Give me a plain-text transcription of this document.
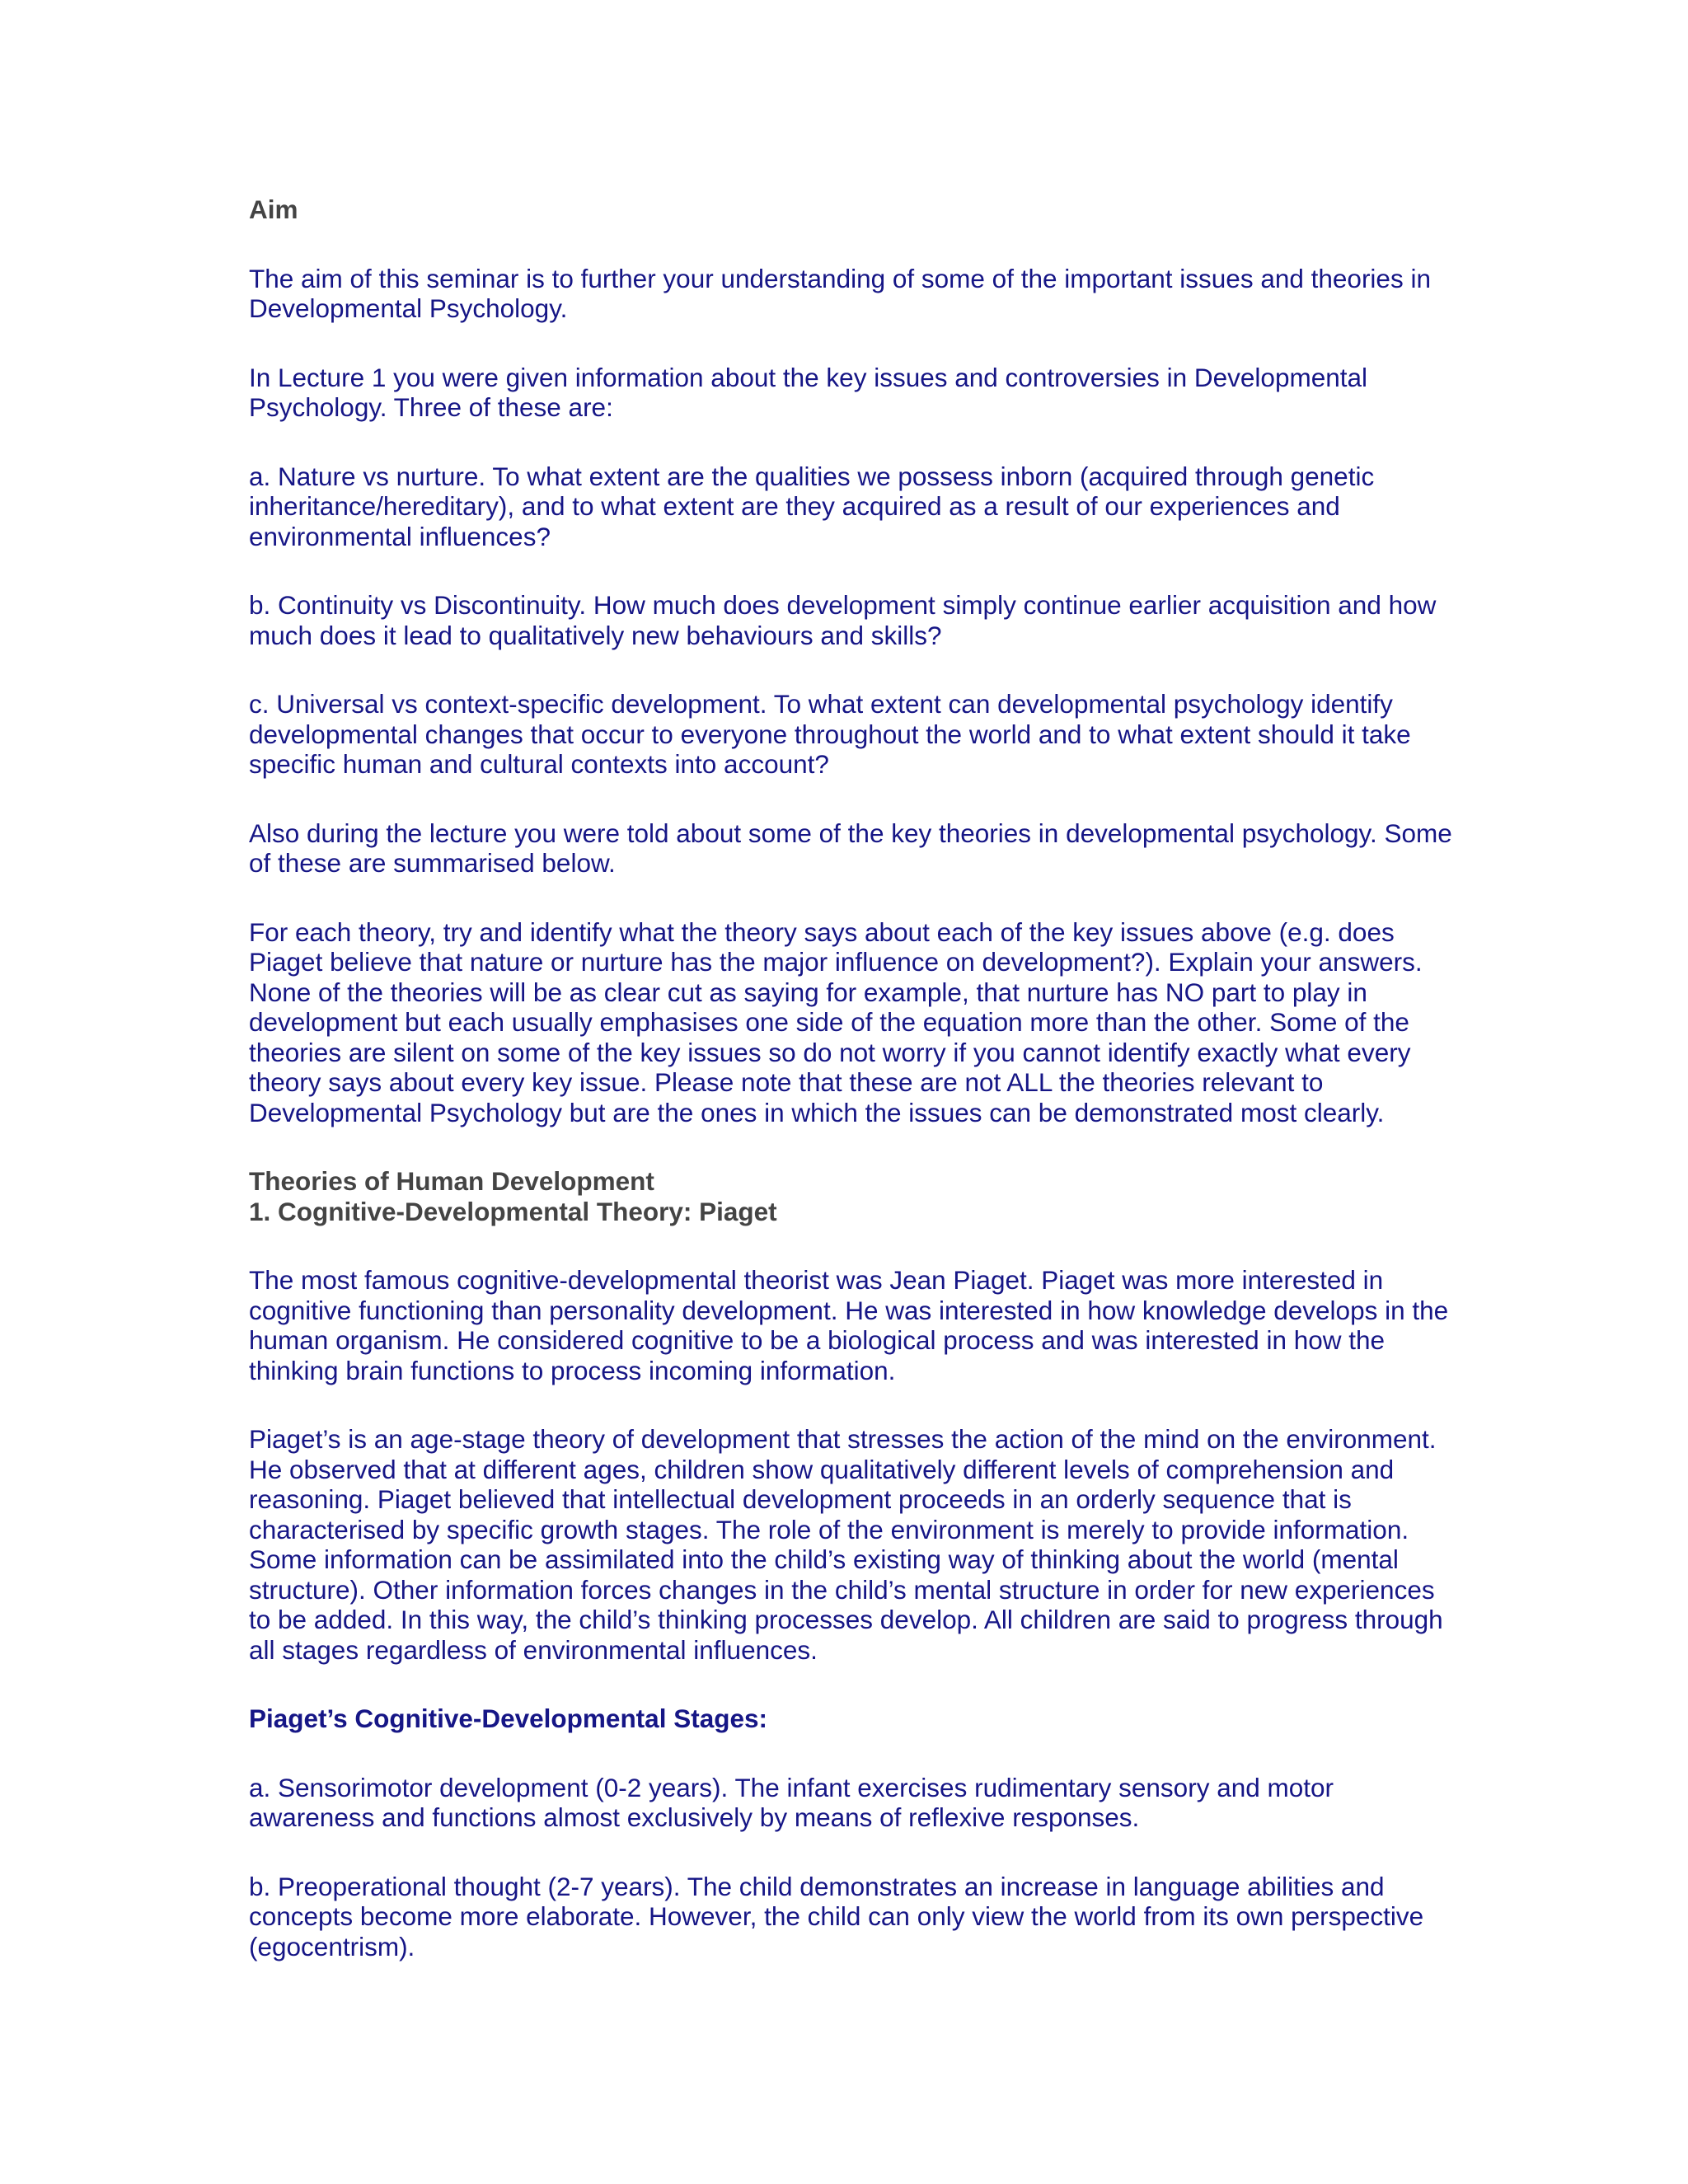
Aim

The aim of this seminar is to further your understanding of some of the important issues and theories in Developmental Psychology.

In Lecture 1 you were given information about the key issues and controversies in Developmental Psychology. Three of these are:

a. Nature vs nurture. To what extent are the qualities we possess inborn (acquired through genetic inheritance/hereditary), and to what extent are they acquired as a result of our experiences and environmental influences?

b. Continuity vs Discontinuity. How much does development simply continue earlier acquisition and how much does it lead to qualitatively new behaviours and skills?

c. Universal vs context-specific development. To what extent can developmental psychology identify developmental changes that occur to everyone throughout the world and to what extent should it take specific human and cultural contexts into account?

Also during the lecture you were told about some of the key theories in developmental psychology. Some of these are summarised below.

For each theory, try and identify what the theory says about each of the key issues above (e.g. does Piaget believe that nature or nurture has the major influence on development?). Explain your answers. None of the theories will be as clear cut as saying for example, that nurture has NO part to play in development but each usually emphasises one side of the equation more than the other. Some of the theories are silent on some of the key issues so do not worry if you cannot identify exactly what every theory says about every key issue. Please note that these are not ALL the theories relevant to Developmental Psychology but are the ones in which the issues can be demonstrated most clearly.

Theories of Human Development

1. Cognitive-Developmental Theory: Piaget

The most famous cognitive-developmental theorist was Jean Piaget. Piaget was more interested in cognitive functioning than personality development. He was interested in how knowledge develops in the human organism. He considered cognitive to be a biological process and was interested in how the thinking brain functions to process incoming information.

Piaget’s is an age-stage theory of development that stresses the action of the mind on the environment. He observed that at different ages, children show qualitatively different levels of comprehension and reasoning. Piaget believed that intellectual development proceeds in an orderly sequence that is characterised by specific growth stages. The role of the environment is merely to provide information. Some information can be assimilated into the child’s existing way of thinking about the world (mental structure). Other information forces changes in the child’s mental structure in order for new experiences to be added. In this way, the child’s thinking processes develop. All children are said to progress through all stages regardless of environmental influences.

Piaget’s Cognitive-Developmental Stages:

a. Sensorimotor development (0-2 years). The infant exercises rudimentary sensory and motor awareness and functions almost exclusively by means of reflexive responses.

b. Preoperational thought (2-7 years). The child demonstrates an increase in language abilities and concepts become more elaborate. However, the child can only view the world from its own perspective (egocentrism).
